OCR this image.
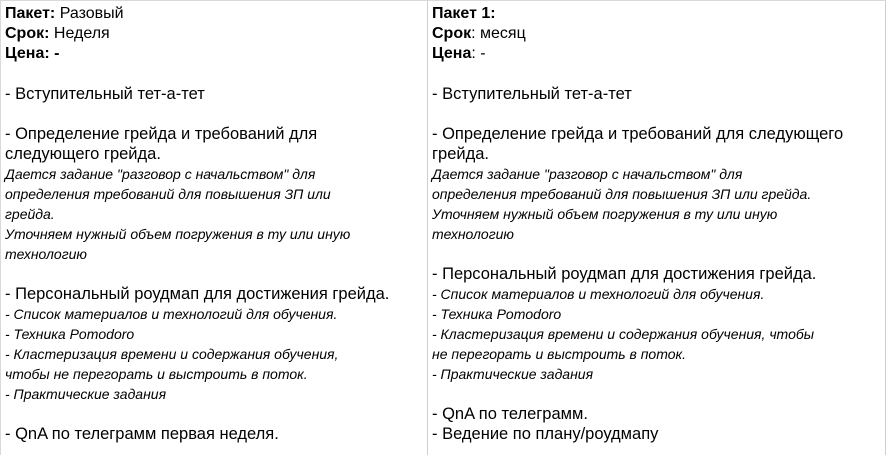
Пакет: Разовый
Срок: Неделя
Цена: -
- Вступительный тет-а-тет
- Определение грейда и требований для
следующего грейда.
Дается задание "разговор с начальством" для
определения требований для повышения ЗП или
грейда.
Уточняем нужный объем погружения в ту или иную
технологию
- Персональный роудмап для достижения грейда.
- Список материалов и технологий для обучения.
- Техника Pomodoro
- Кластеризация времени и содержания обучения,
чтобы не перегорать и выстроить в поток.
- Практические задания
- QnA по телеграмм первая неделя.
Пакет 1:
Срок: месяц
Цена: -
- Вступительный тет-а-тет
- Определение грейда и требований для следующего
грейда.
Дается задание "разговор с начальством" для
определения требований для повышения ЗП или грейда.
Уточняем нужный объем погружения в ту или иную
технологию
- Персональный роудмап для достижения грейда.
- Список материалов и технологий для обучения.
- Техника Pomodoro
- Кластеризация времени и содержания обучения, чтобы
не перегорать и выстроить в поток.
- Практические задания
- QnA по телеграмм.
- Ведение по плану/роудмапу
